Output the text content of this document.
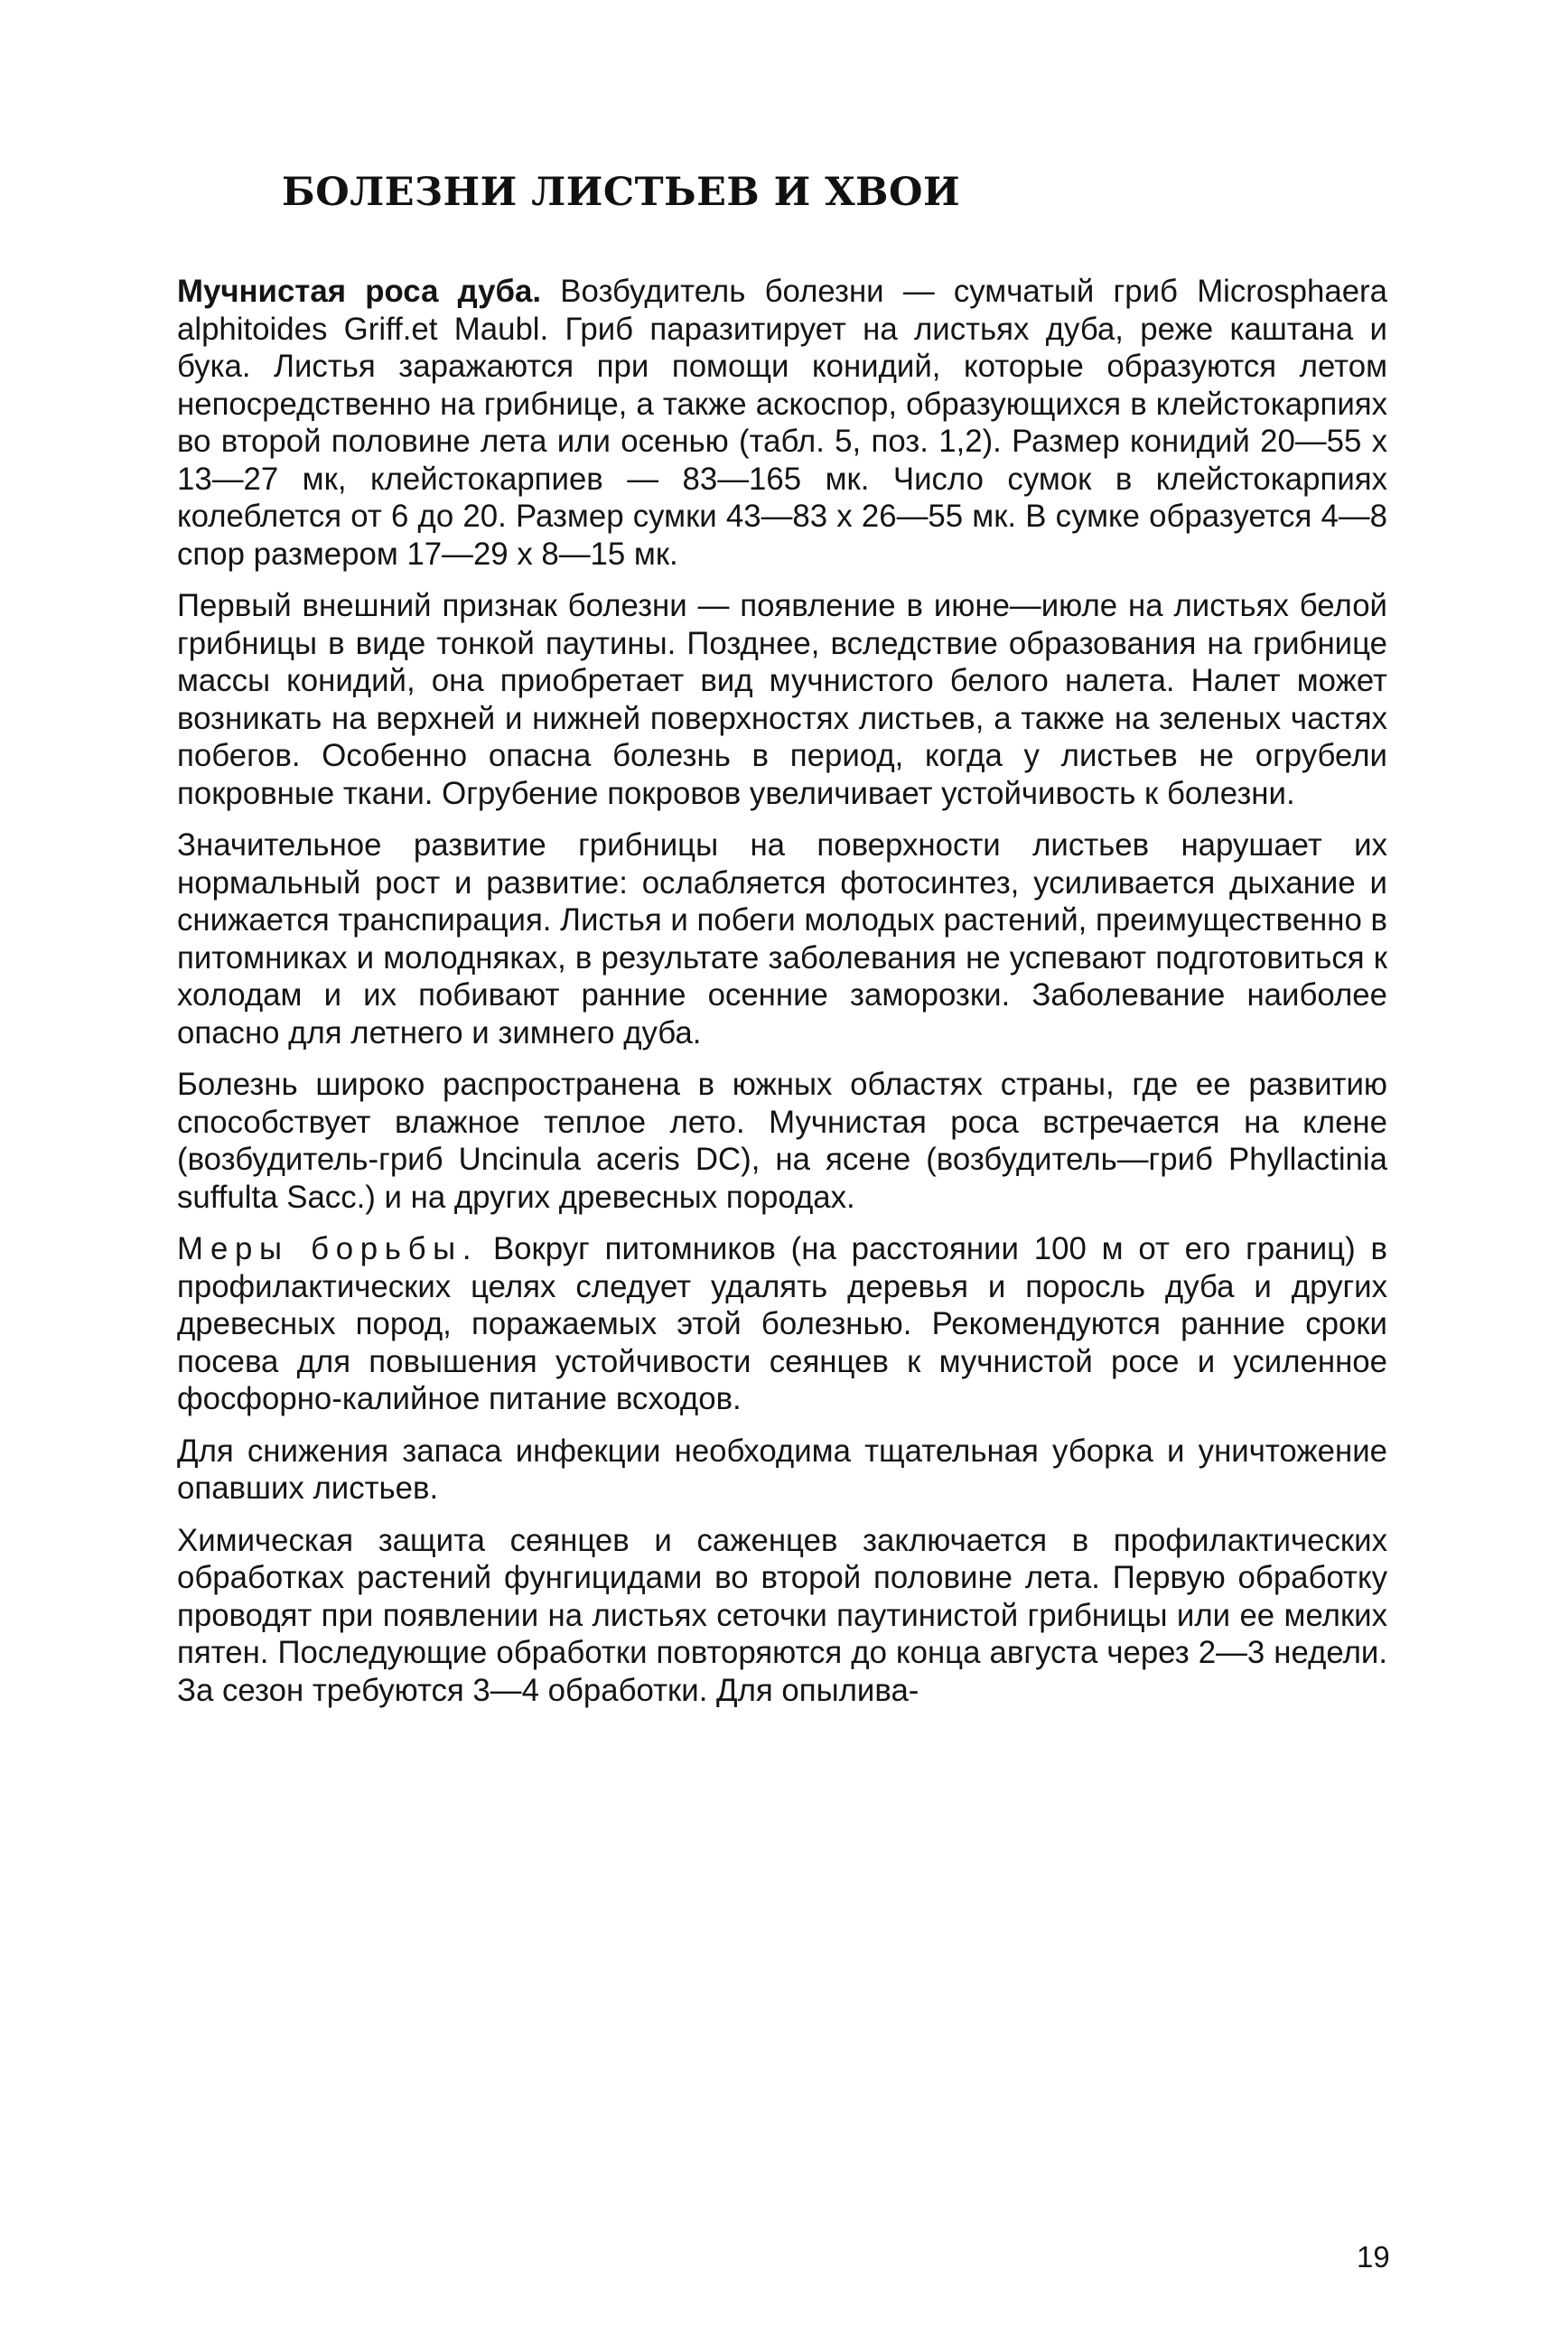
БОЛЕЗНИ ЛИСТЬЕВ И ХВОИ

Мучнистая роса дуба. Возбудитель болезни — сумчатый гриб Microsphaera alphitoides Griff.et Maubl. Гриб паразитирует на листьях дуба, реже каштана и бука. Листья заражаются при помощи конидий, которые образуются летом непосредственно на грибнице, а также аскоспор, образующихся в клейстокарпиях во второй половине лета или осенью (табл. 5, поз. 1,2). Размер конидий 20—55 х 13—27 мк, клейстокарпиев — 83—165 мк. Число сумок в клейстокарпиях колеблется от 6 до 20. Размер сумки 43—83 х 26—55 мк. В сумке образуется 4—8 спор размером 17—29 х 8—15 мк.

Первый внешний признак болезни — появление в июне—июле на листьях белой грибницы в виде тонкой паутины. Позднее, вследствие образования на грибнице массы конидий, она приобретает вид мучнистого белого налета. Налет может возникать на верхней и нижней поверхностях листьев, а также на зеленых частях побегов. Особенно опасна болезнь в период, когда у листьев не огрубели покровные ткани. Огрубение покровов увеличивает устойчивость к болезни.

Значительное развитие грибницы на поверхности листьев нарушает их нормальный рост и развитие: ослабляется фотосинтез, усиливается дыхание и снижается транспирация. Листья и побеги молодых растений, преимущественно в питомниках и молодняках, в результате заболевания не успевают подготовиться к холодам и их побивают ранние осенние заморозки. Заболевание наиболее опасно для летнего и зимнего дуба.

Болезнь широко распространена в южных областях страны, где ее развитию способствует влажное теплое лето. Мучнистая роса встречается на клене (возбудитель-гриб Uncinula aceris DC), на ясене (возбудитель—гриб Phyllactinia suffulta Sacc.) и на других древесных породах.

Меры борьбы. Вокруг питомников (на расстоянии 100 м от его границ) в профилактических целях следует удалять деревья и поросль дуба и других древесных пород, поражаемых этой болезнью. Рекомендуются ранние сроки посева для повышения устойчивости сеянцев к мучнистой росе и усиленное фосфорно-калийное питание всходов.

Для снижения запаса инфекции необходима тщательная уборка и уничтожение опавших листьев.

Химическая защита сеянцев и саженцев заключается в профилактических обработках растений фунгицидами во второй половине лета. Первую обработку проводят при появлении на листьях сеточки паутинистой грибницы или ее мелких пятен. Последующие обработки повторяются до конца августа через 2—3 недели. За сезон требуются 3—4 обработки. Для опылива-

19
